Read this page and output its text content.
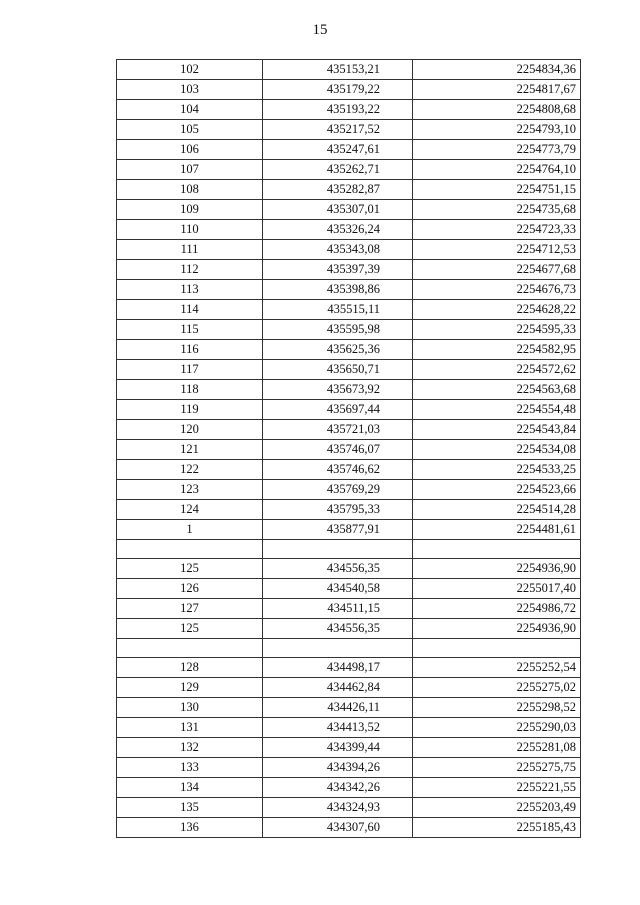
15
102	435153,21	2254834,36
103	435179,22	2254817,67
104	435193,22	2254808,68
105	435217,52	2254793,10
106	435247,61	2254773,79
107	435262,71	2254764,10
108	435282,87	2254751,15
109	435307,01	2254735,68
110	435326,24	2254723,33
111	435343,08	2254712,53
112	435397,39	2254677,68
113	435398,86	2254676,73
114	435515,11	2254628,22
115	435595,98	2254595,33
116	435625,36	2254582,95
117	435650,71	2254572,62
118	435673,92	2254563,68
119	435697,44	2254554,48
120	435721,03	2254543,84
121	435746,07	2254534,08
122	435746,62	2254533,25
123	435769,29	2254523,66
124	435795,33	2254514,28
1	435877,91	2254481,61

125	434556,35	2254936,90
126	434540,58	2255017,40
127	434511,15	2254986,72
125	434556,35	2254936,90

128	434498,17	2255252,54
129	434462,84	2255275,02
130	434426,11	2255298,52
131	434413,52	2255290,03
132	434399,44	2255281,08
133	434394,26	2255275,75
134	434342,26	2255221,55
135	434324,93	2255203,49
136	434307,60	2255185,43
